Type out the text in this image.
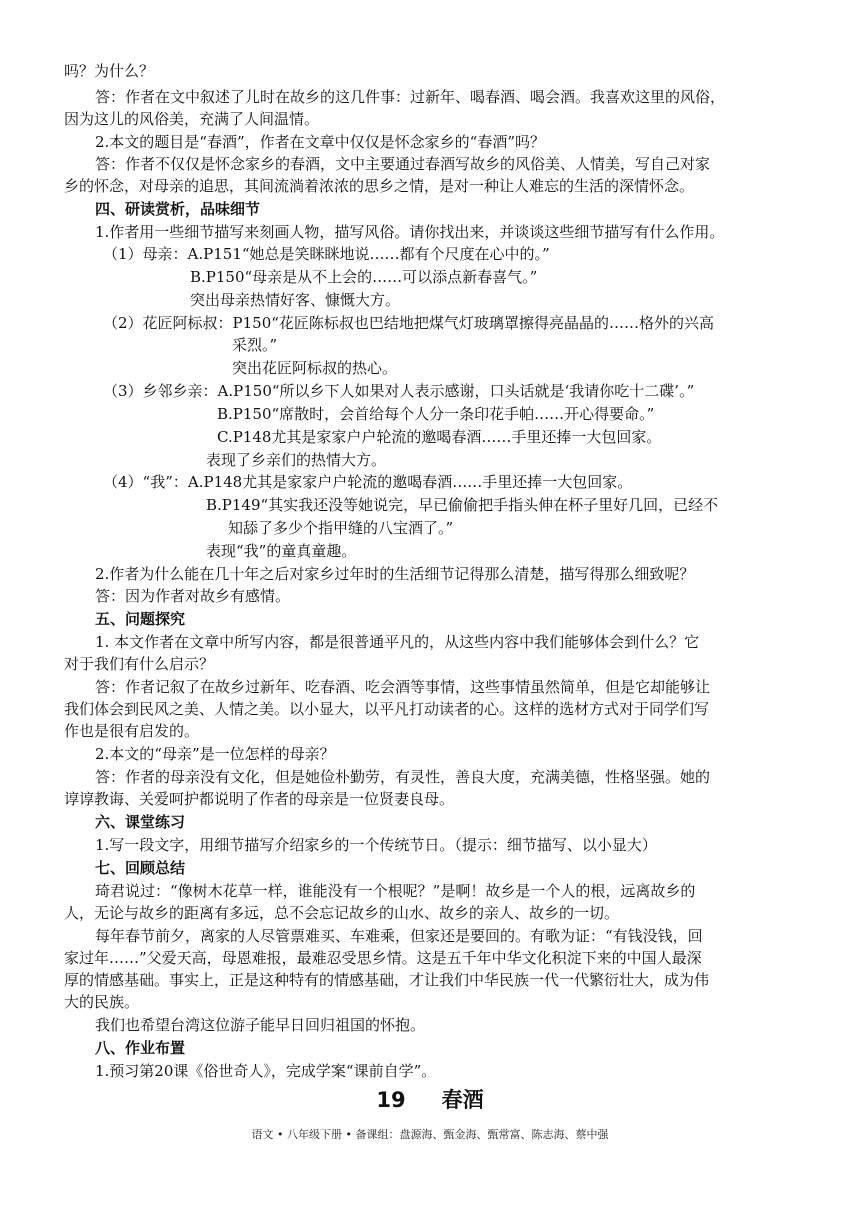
吗？为什么？
答：作者在文中叙述了儿时在故乡的这几件事：过新年、喝春酒、喝会酒。我喜欢这里的风俗，
因为这儿的风俗美，充满了人间温情。
2.本文的题目是“春酒”，作者在文章中仅仅是怀念家乡的“春酒”吗？
答：作者不仅仅是怀念家乡的春酒，文中主要通过春酒写故乡的风俗美、人情美，写自己对家
乡的怀念，对母亲的追思，其间流淌着浓浓的思乡之情，是对一种让人难忘的生活的深情怀念。
四、研读赏析，品味细节
1.作者用一些细节描写来刻画人物，描写风俗。请你找出来，并谈谈这些细节描写有什么作用。
（1）母亲：A.P151“她总是笑眯眯地说……都有个尺度在心中的。”
B.P150“母亲是从不上会的……可以添点新春喜气。”
突出母亲热情好客、慷慨大方。
（2）花匠阿标叔：P150“花匠陈标叔也巴结地把煤气灯玻璃罩擦得亮晶晶的……格外的兴高
采烈。”
突出花匠阿标叔的热心。
（3）乡邻乡亲：A.P150“所以乡下人如果对人表示感谢，口头话就是‘我请你吃十二碟’。”
B.P150“席散时，会首给每个人分一条印花手帕……开心得要命。”
C.P148尤其是家家户户轮流的邀喝春酒……手里还捧一大包回家。
表现了乡亲们的热情大方。
（4）“我”：A.P148尤其是家家户户轮流的邀喝春酒……手里还捧一大包回家。
B.P149“其实我还没等她说完，早已偷偷把手指头伸在杯子里好几回，已经不
知舔了多少个指甲缝的八宝酒了。”
表现“我”的童真童趣。
2.作者为什么能在几十年之后对家乡过年时的生活细节记得那么清楚，描写得那么细致呢？
答：因为作者对故乡有感情。
五、问题探究
1. 本文作者在文章中所写内容，都是很普通平凡的，从这些内容中我们能够体会到什么？它
对于我们有什么启示？
答：作者记叙了在故乡过新年、吃春酒、吃会酒等事情，这些事情虽然简单，但是它却能够让
我们体会到民风之美、人情之美。以小显大，以平凡打动读者的心。这样的选材方式对于同学们写
作也是很有启发的。
2.本文的“母亲”是一位怎样的母亲？
答：作者的母亲没有文化，但是她俭朴勤劳，有灵性，善良大度，充满美德，性格坚强。她的
谆谆教诲、关爱呵护都说明了作者的母亲是一位贤妻良母。
六、课堂练习
1.写一段文字，用细节描写介绍家乡的一个传统节日。（提示：细节描写、以小显大）
七、回顾总结
琦君说过：“像树木花草一样，谁能没有一个根呢？”是啊！故乡是一个人的根，远离故乡的
人，无论与故乡的距离有多远，总不会忘记故乡的山水、故乡的亲人、故乡的一切。
每年春节前夕，离家的人尽管票难买、车难乘，但家还是要回的。有歌为证：“有钱没钱，回
家过年……”父爱天高，母恩难报，最难忍受思乡情。这是五千年中华文化积淀下来的中国人最深
厚的情感基础。事实上，正是这种特有的情感基础，才让我们中华民族一代一代繁衍壮大，成为伟
大的民族。
我们也希望台湾这位游子能早日回归祖国的怀抱。
八、作业布置
1.预习第20课《俗世奇人》，完成学案“课前自学”。
19 春酒
语文 • 八年级下册 • 备课组：盘源海、甄金海、甄常富、陈志海、蔡中强
